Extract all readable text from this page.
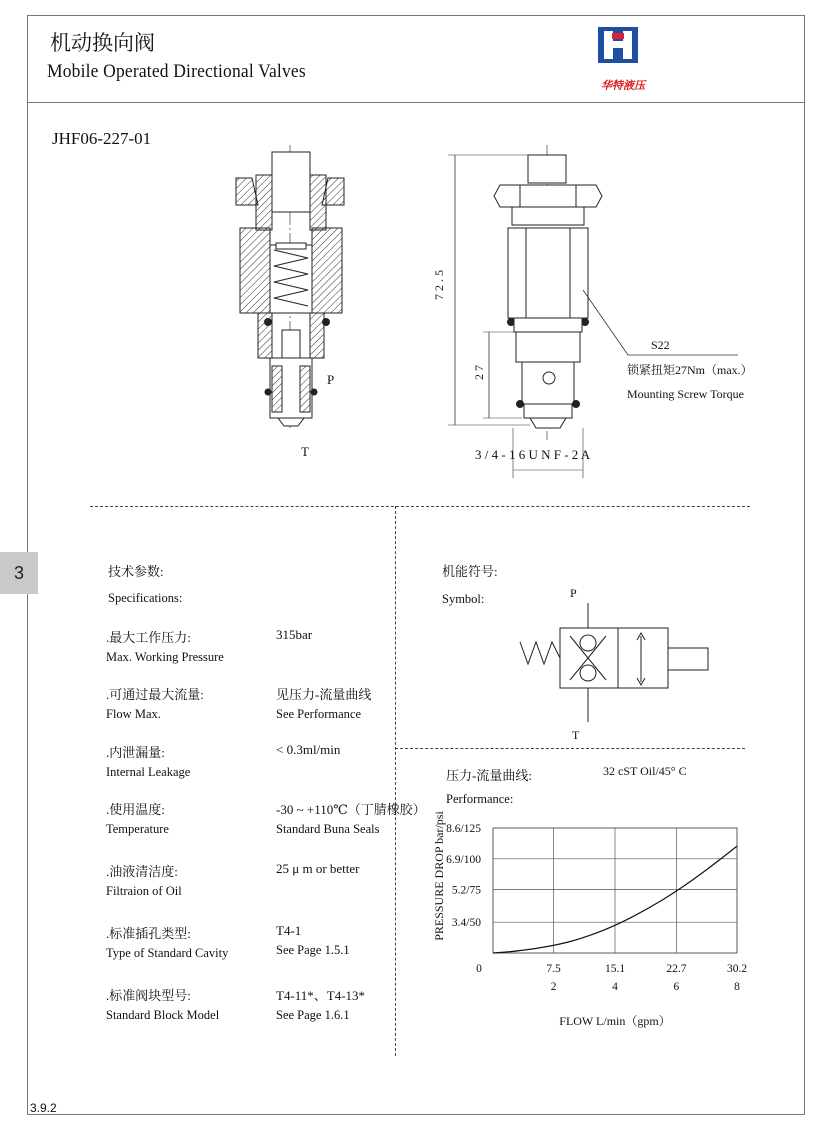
机动换向阀
Mobile Operated Directional Valves
华特液压
JHF06-227-01
3
3.9.2
P
T
7 2 . 5
2 7
3 / 4 - 1 6 U N F - 2 A
S22
锁紧扭矩27Nm（max.）
Mounting Screw Torque
技术参数:
Specifications:
.最大工作压力:
Max. Working Pressure
315bar
.可通过最大流量:
Flow Max.
见压力-流量曲线
See Performance
.内泄漏量:
Internal Leakage
< 0.3ml/min
.使用温度:
Temperature
-30 ~ +110℃（丁腈橡胶）
Standard Buna Seals
.油液清洁度:
Filtraion of Oil
25 μ m or better
.标准插孔类型:
Type of Standard Cavity
T4-1
See Page 1.5.1
.标准阀块型号:
Standard Block Model
T4-11*、T4-13*
See Page 1.6.1
机能符号:
Symbol:	P
T
压力-流量曲线:
Performance:
32 cST Oil/45° C
3.4/50
5.2/75
6.9/100
8.6/125
0	7.5	15.1	22.7	30.2
2	4	6	8
FLOW L/min（gpm）
PRESSURE DROP bar/psi
